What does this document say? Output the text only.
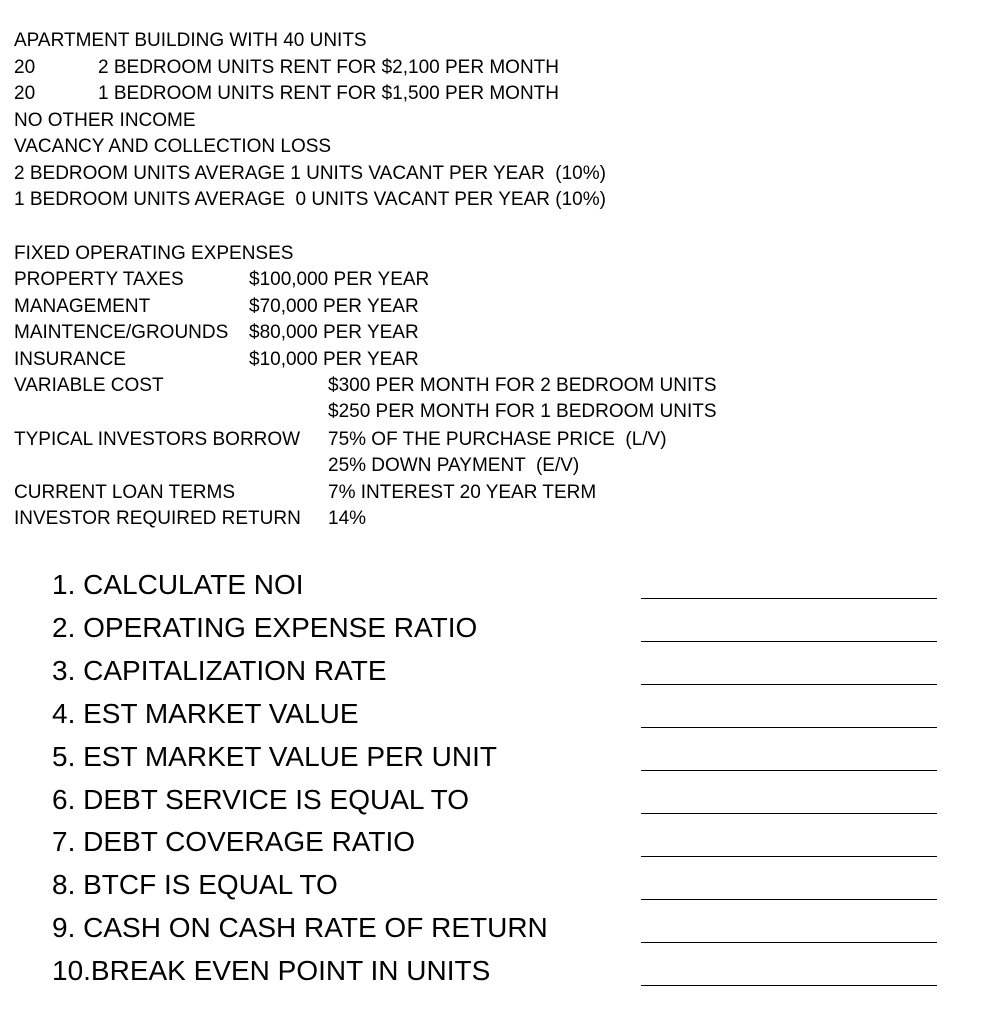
APARTMENT BUILDING WITH 40 UNITS
20	2 BEDROOM UNITS RENT FOR $2,100 PER MONTH
20	1 BEDROOM UNITS RENT FOR $1,500 PER MONTH
NO OTHER INCOME
VACANCY AND COLLECTION LOSS
2 BEDROOM UNITS AVERAGE 1 UNITS VACANT PER YEAR  (10%)
1 BEDROOM UNITS AVERAGE  0 UNITS VACANT PER YEAR (10%)
FIXED OPERATING EXPENSES
PROPERTY TAXES	$100,000 PER YEAR
MANAGEMENT	$70,000 PER YEAR
MAINTENCE/GROUNDS $80,000 PER YEAR
INSURANCE	$10,000 PER YEAR
VARIABLE COST	$300 PER MONTH FOR 2 BEDROOM UNITS
$250 PER MONTH FOR 1 BEDROOM UNITS
TYPICAL INVESTORS BORROW 75% OF THE PURCHASE PRICE  (L/V)
25% DOWN PAYMENT  (E/V)
CURRENT LOAN TERMS	7% INTEREST 20 YEAR TERM
INVESTOR REQUIRED RETURN 14%
1. CALCULATE NOI
2. OPERATING EXPENSE RATIO
3. CAPITALIZATION RATE
4. EST MARKET VALUE
5. EST MARKET VALUE PER UNIT
6. DEBT SERVICE IS EQUAL TO
7. DEBT COVERAGE RATIO
8. BTCF IS EQUAL TO
9. CASH ON CASH RATE OF RETURN
10.BREAK EVEN POINT IN UNITS
